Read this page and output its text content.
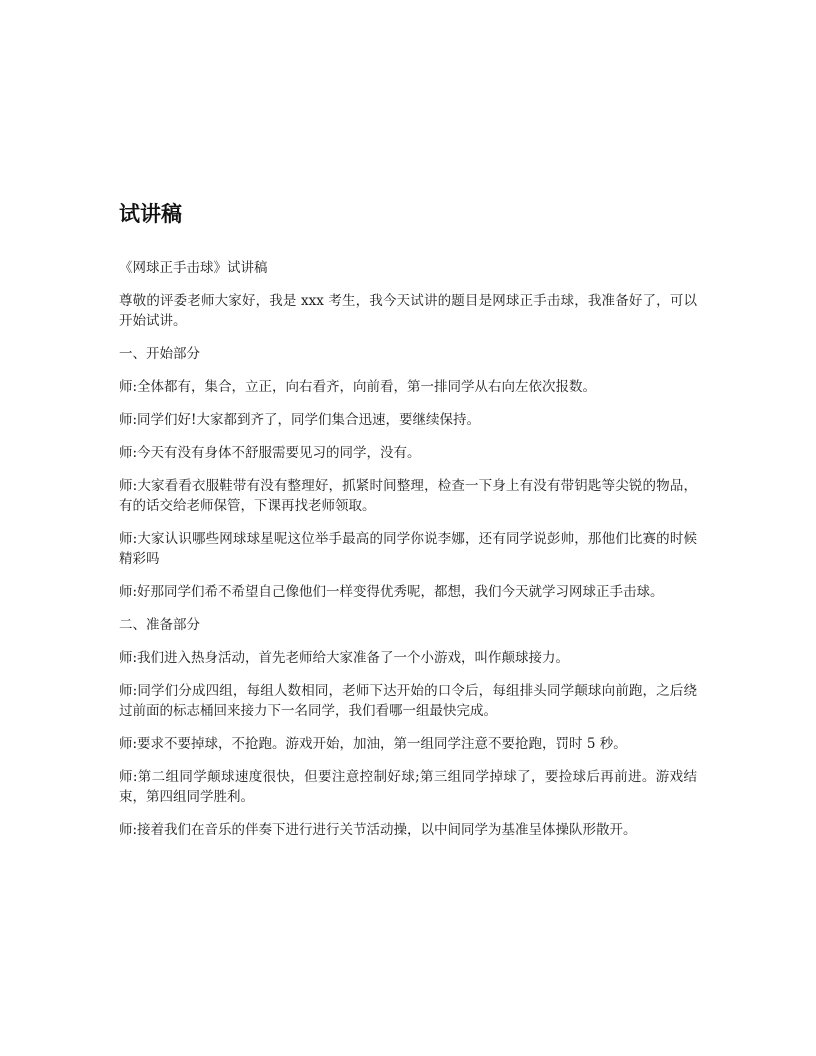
试讲稿

《网球正手击球》试讲稿

尊敬的评委老师大家好，我是 xxx 考生，我今天试讲的题目是网球正手击球，我准备好了，可以开始试讲。

一、开始部分

师:全体都有，集合，立正，向右看齐，向前看，第一排同学从右向左依次报数。

师:同学们好!大家都到齐了，同学们集合迅速，要继续保持。

师:今天有没有身体不舒服需要见习的同学，没有。

师:大家看看衣服鞋带有没有整理好，抓紧时间整理，检查一下身上有没有带钥匙等尖锐的物品，有的话交给老师保管，下课再找老师领取。

师:大家认识哪些网球球星呢这位举手最高的同学你说李娜，还有同学说彭帅，那他们比赛的时候精彩吗

师:好那同学们希不希望自己像他们一样变得优秀呢，都想，我们今天就学习网球正手击球。

二、准备部分

师:我们进入热身活动，首先老师给大家准备了一个小游戏，叫作颠球接力。

师:同学们分成四组，每组人数相同，老师下达开始的口令后，每组排头同学颠球向前跑，之后绕过前面的标志桶回来接力下一名同学，我们看哪一组最快完成。

师:要求不要掉球，不抢跑。游戏开始，加油，第一组同学注意不要抢跑，罚时 5 秒。

师:第二组同学颠球速度很快，但要注意控制好球;第三组同学掉球了，要捡球后再前进。游戏结束，第四组同学胜利。

师:接着我们在音乐的伴奏下进行进行关节活动操，以中间同学为基准呈体操队形散开。
